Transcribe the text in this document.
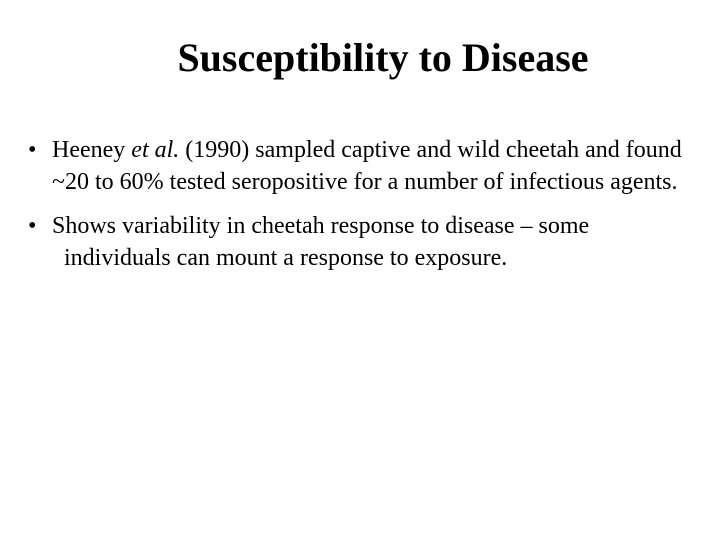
Susceptibility to Disease
• Heeney et al. (1990) sampled captive and wild cheetah and found ~20 to 60% tested seropositive for a number of infectious agents.
• Shows variability in cheetah response to disease – some individuals can mount a response to exposure.
